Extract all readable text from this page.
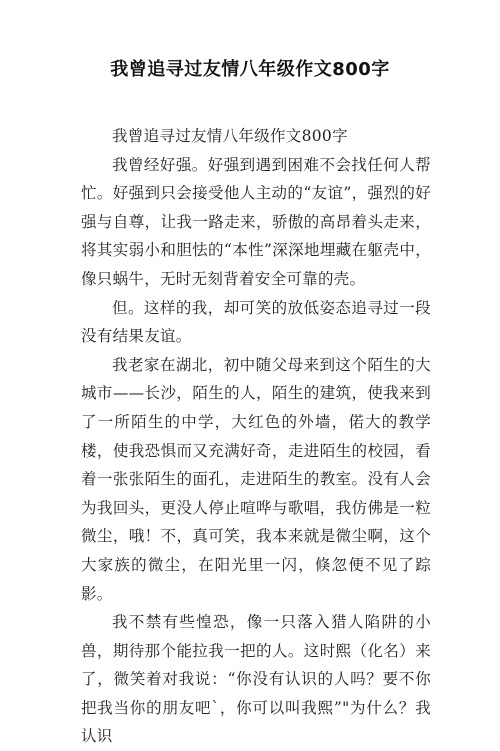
我曾追寻过友情八年级作文800字

我曾追寻过友情八年级作文800字

我曾经好强。好强到遇到困难不会找任何人帮忙。好强到只会接受他人主动的“友谊”，强烈的好强与自尊，让我一路走来，骄傲的高昂着头走来，将其实弱小和胆怯的“本性”深深地埋藏在躯壳中，像只蜗牛，无时无刻背着安全可靠的壳。

但。这样的我，却可笑的放低姿态追寻过一段没有结果友谊。

我老家在湖北，初中随父母来到这个陌生的大城市——长沙，陌生的人，陌生的建筑，使我来到了一所陌生的中学，大红色的外墙，偌大的教学楼，使我恐惧而又充满好奇，走进陌生的校园，看着一张张陌生的面孔，走进陌生的教室。没有人会为我回头，更没人停止喧哗与歌唱，我仿佛是一粒微尘，哦！不，真可笑，我本来就是微尘啊，这个大家族的微尘，在阳光里一闪，倏忽便不见了踪影。

我不禁有些惶恐，像一只落入猎人陷阱的小兽，期待那个能拉我一把的人。这时熙（化名）来了，微笑着对我说：“你没有认识的人吗？要不你把我当你的朋友吧`，你可以叫我熙”"为什么？我认识
